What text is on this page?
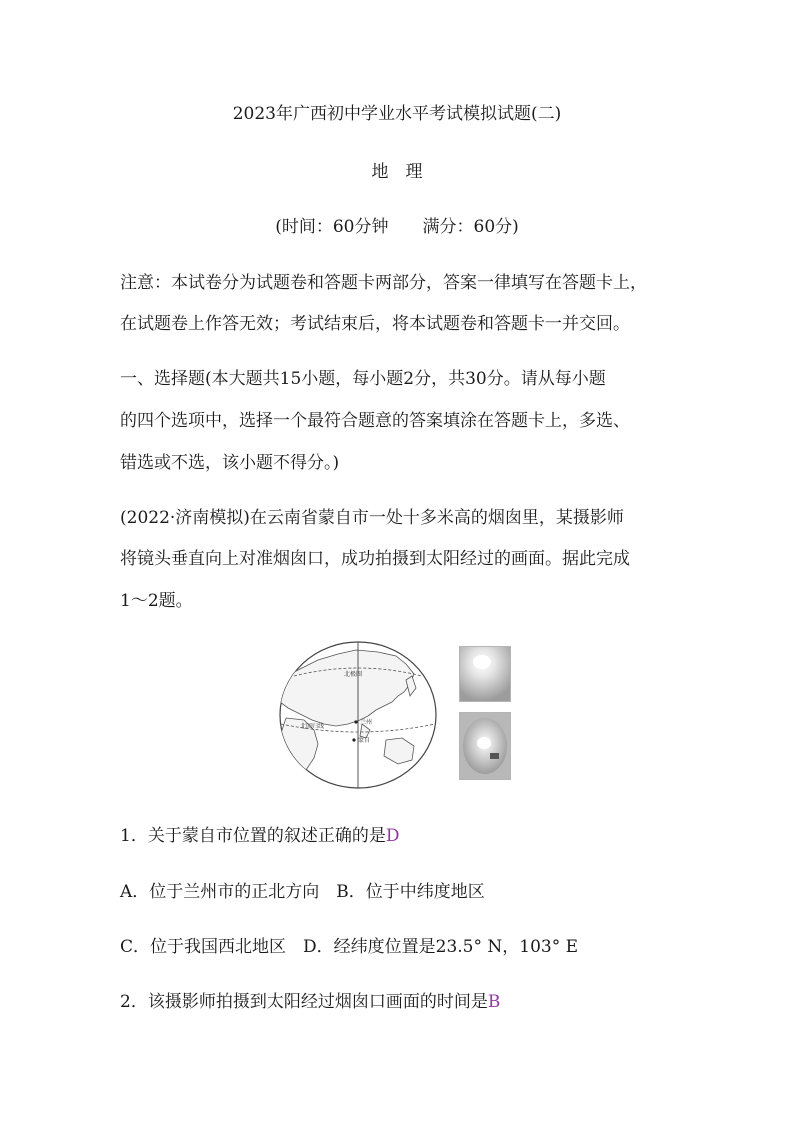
2023年广西初中学业水平考试模拟试题(二)
地　理
(时间：60分钟　　满分：60分)
注意：本试卷分为试题卷和答题卡两部分，答案一律填写在答题卡上，
在试题卷上作答无效；考试结束后，将本试题卷和答题卡一并交回。
一、选择题(本大题共15小题，每小题2分，共30分。请从每小题
的四个选项中，选择一个最符合题意的答案填涂在答题卡上，多选、
错选或不选，该小题不得分。)
(2022·济南模拟)在云南省蒙自市一处十多米高的烟囱里，某摄影师
将镜头垂直向上对准烟囱口，成功拍摄到太阳经过的画面。据此完成
1～2题。
北极圈
北回归线
兰州
蒙自
1．关于蒙自市位置的叙述正确的是D
A．位于兰州市的正北方向　B．位于中纬度地区
C．位于我国西北地区　D．经纬度位置是23.5° N，103° E
2．该摄影师拍摄到太阳经过烟囱口画面的时间是B
